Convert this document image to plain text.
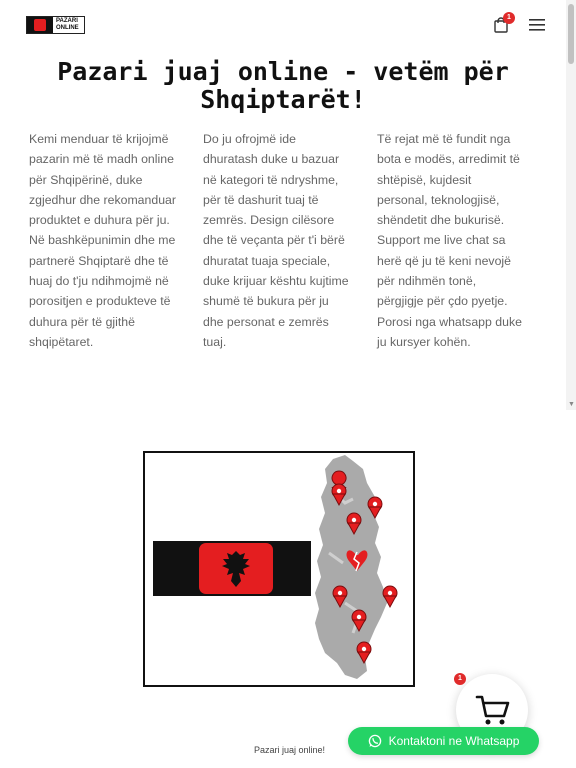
PAZARI
ONLINE
1
▼
Pazari juaj online - vetëm për Shqiptarët!
Kemi menduar të krijojmë pazarin më të madh online për Shqipërinë, duke zgjedhur dhe rekomanduar produktet e duhura për ju. Në bashkëpunimin dhe me partnerë Shqiptarë dhe të huaj do t'ju ndihmojmë në porositjen e produkteve të duhura për të gjithë shqipëtaret.
Do ju ofrojmë ide dhuratash duke u bazuar në kategori të ndryshme, për të dashurit tuaj të zemrës. Design cilësore dhe të veçanta për t'i bërë dhuratat tuaja speciale, duke krijuar kështu kujtime shumë të bukura për ju dhe personat e zemrës tuaj.
Të rejat më të fundit nga bota e modës, arredimit të shtëpisë, kujdesit personal, teknologjisë, shëndetit dhe bukurisë. Support me live chat sa herë që ju të keni nevojë për ndihmën tonë, përgjigje për çdo pyetje. Porosi nga whatsapp duke ju kursyer kohën.
1
Pazari juaj online!
Kontaktoni ne Whatsapp
